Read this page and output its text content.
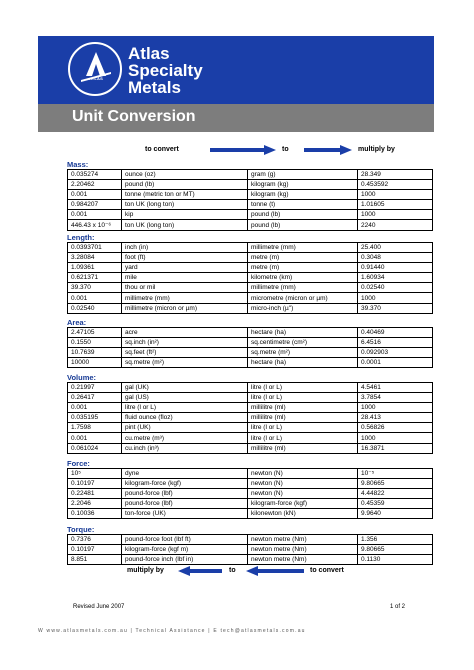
ATLAS
Atlas
Specialty
Metals
Unit Conversion
to convert	to	multiply by
Mass:
0.035274	ounce (oz)	gram (g)	28.349
2.20462	pound (lb)	kilogram (kg)	0.453592
0.001	tonne (metric ton or MT)	kilogram (kg)	1000
0.984207	ton UK (long ton)	tonne (t)	1.01605
0.001	kip	pound (lb)	1000
446.43 x 10⁻⁶	ton UK (long ton)	pound (lb)	2240
Length:
0.0393701	inch (in)	millimetre (mm)	25.400
3.28084	foot (ft)	metre (m)	0.3048
1.09361	yard	metre (m)	0.91440
0.621371	mile	kilometre (km)	1.60934
39.370	thou or mil	millimetre (mm)	0.02540
0.001	millimetre (mm)	micrometre (micron or µm)	1000
0.02540	millimetre (micron or µm)	micro-inch (µ'')	39.370
Area:
2.47105	acre	hectare (ha)	0.40469
0.1550	sq.inch (in²)	sq.centimetre (cm²)	6.4516
10.7639	sq.feet (ft²)	sq.metre (m²)	0.092903
10000	sq.metre (m²)	hectare (ha)	0.0001
Volume:
0.21997	gal (UK)	litre (l or L)	4.5461
0.26417	gal (US)	litre (l or L)	3.7854
0.001	litre (l or L)	millilitre (ml)	1000
0.035195	fluid ounce (floz)	millilitre (ml)	28.413
1.7598	pint (UK)	litre (l or L)	0.56826
0.001	cu.metre (m³)	litre (l or L)	1000
0.061024	cu.inch (in³)	millilitre (ml)	16.3871
Force:
10⁵	dyne	newton (N)	10⁻⁵
0.10197	kilogram-force (kgf)	newton (N)	9.80665
0.22481	pound-force (lbf)	newton (N)	4.44822
2.2046	pound-force (lbf)	kilogram-force (kgf)	0.45359
0.10036	ton-force (UK)	kilonewton (kN)	9.9640
Torque:
0.7376	pound-force foot (lbf ft)	newton metre (Nm)	1.356
0.10197	kilogram-force (kgf m)	newton metre (Nm)	9.80665
8.851	pound-force inch (lbf in)	newton metre (Nm)	0.1130
multiply by	to	to convert
Revised June 2007	1 of 2
W www.atlasmetals.com.au | Technical Assistance | E tech@atlasmetals.com.au
